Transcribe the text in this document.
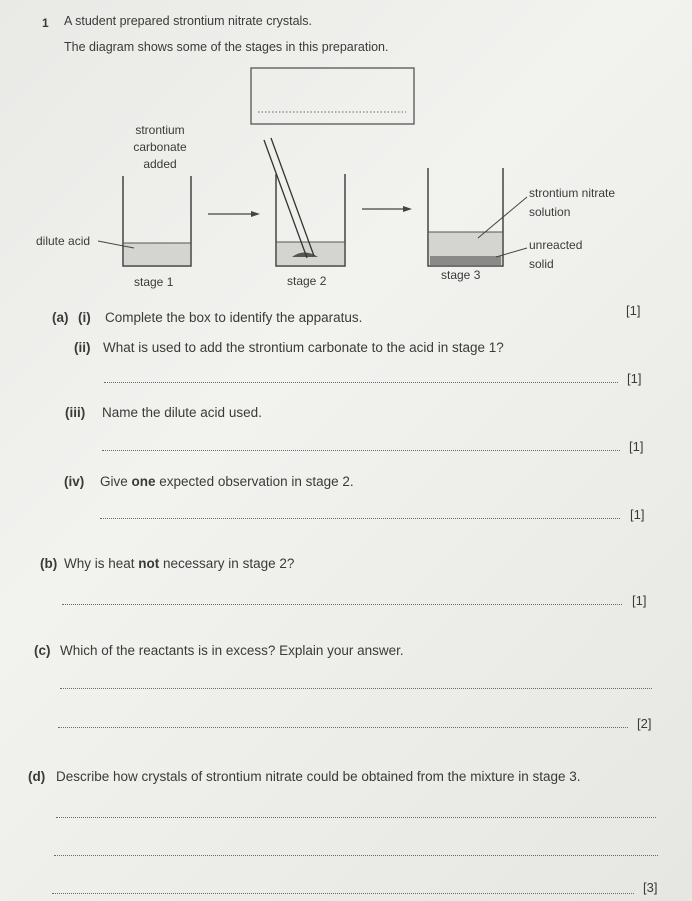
1 A student prepared strontium nitrate crystals.
The diagram shows some of the stages in this preparation.
strontium
carbonate
added
dilute acid
stage 1	stage 2	stage 3
strontium nitrate
solution
unreacted
solid
(a) (i) Complete the box to identify the apparatus.	[1]
(ii) What is used to add the strontium carbonate to the acid in stage 1?
[1]
(iii) Name the dilute acid used.
[1]
(iv) Give one expected observation in stage 2.
[1]
(b) Why is heat not necessary in stage 2?
[1]
(c) Which of the reactants is in excess? Explain your answer.
[2]
(d) Describe how crystals of strontium nitrate could be obtained from the mixture in stage 3.
[3]
